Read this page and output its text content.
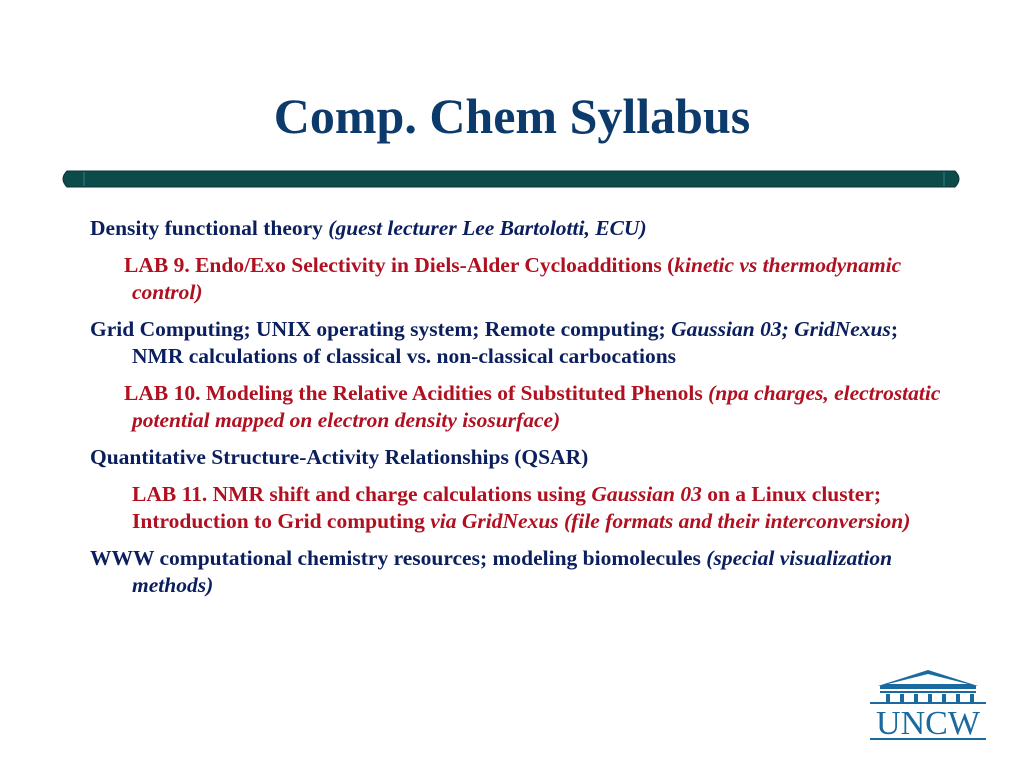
Comp. Chem Syllabus
Density functional theory (guest lecturer Lee Bartolotti, ECU)
LAB 9. Endo/Exo Selectivity in Diels-Alder Cycloadditions (kinetic vs thermodynamic control)
Grid Computing; UNIX operating system; Remote computing; Gaussian 03; GridNexus; NMR calculations of classical vs. non-classical carbocations
LAB 10. Modeling the Relative Acidities of Substituted Phenols (npa charges, electrostatic potential mapped on electron density isosurface)
Quantitative Structure-Activity Relationships (QSAR)
LAB 11. NMR shift and charge calculations using Gaussian 03 on a Linux cluster; Introduction to Grid computing via GridNexus (file formats and their interconversion)
WWW computational chemistry resources; modeling biomolecules (special visualization methods)
UNCW
